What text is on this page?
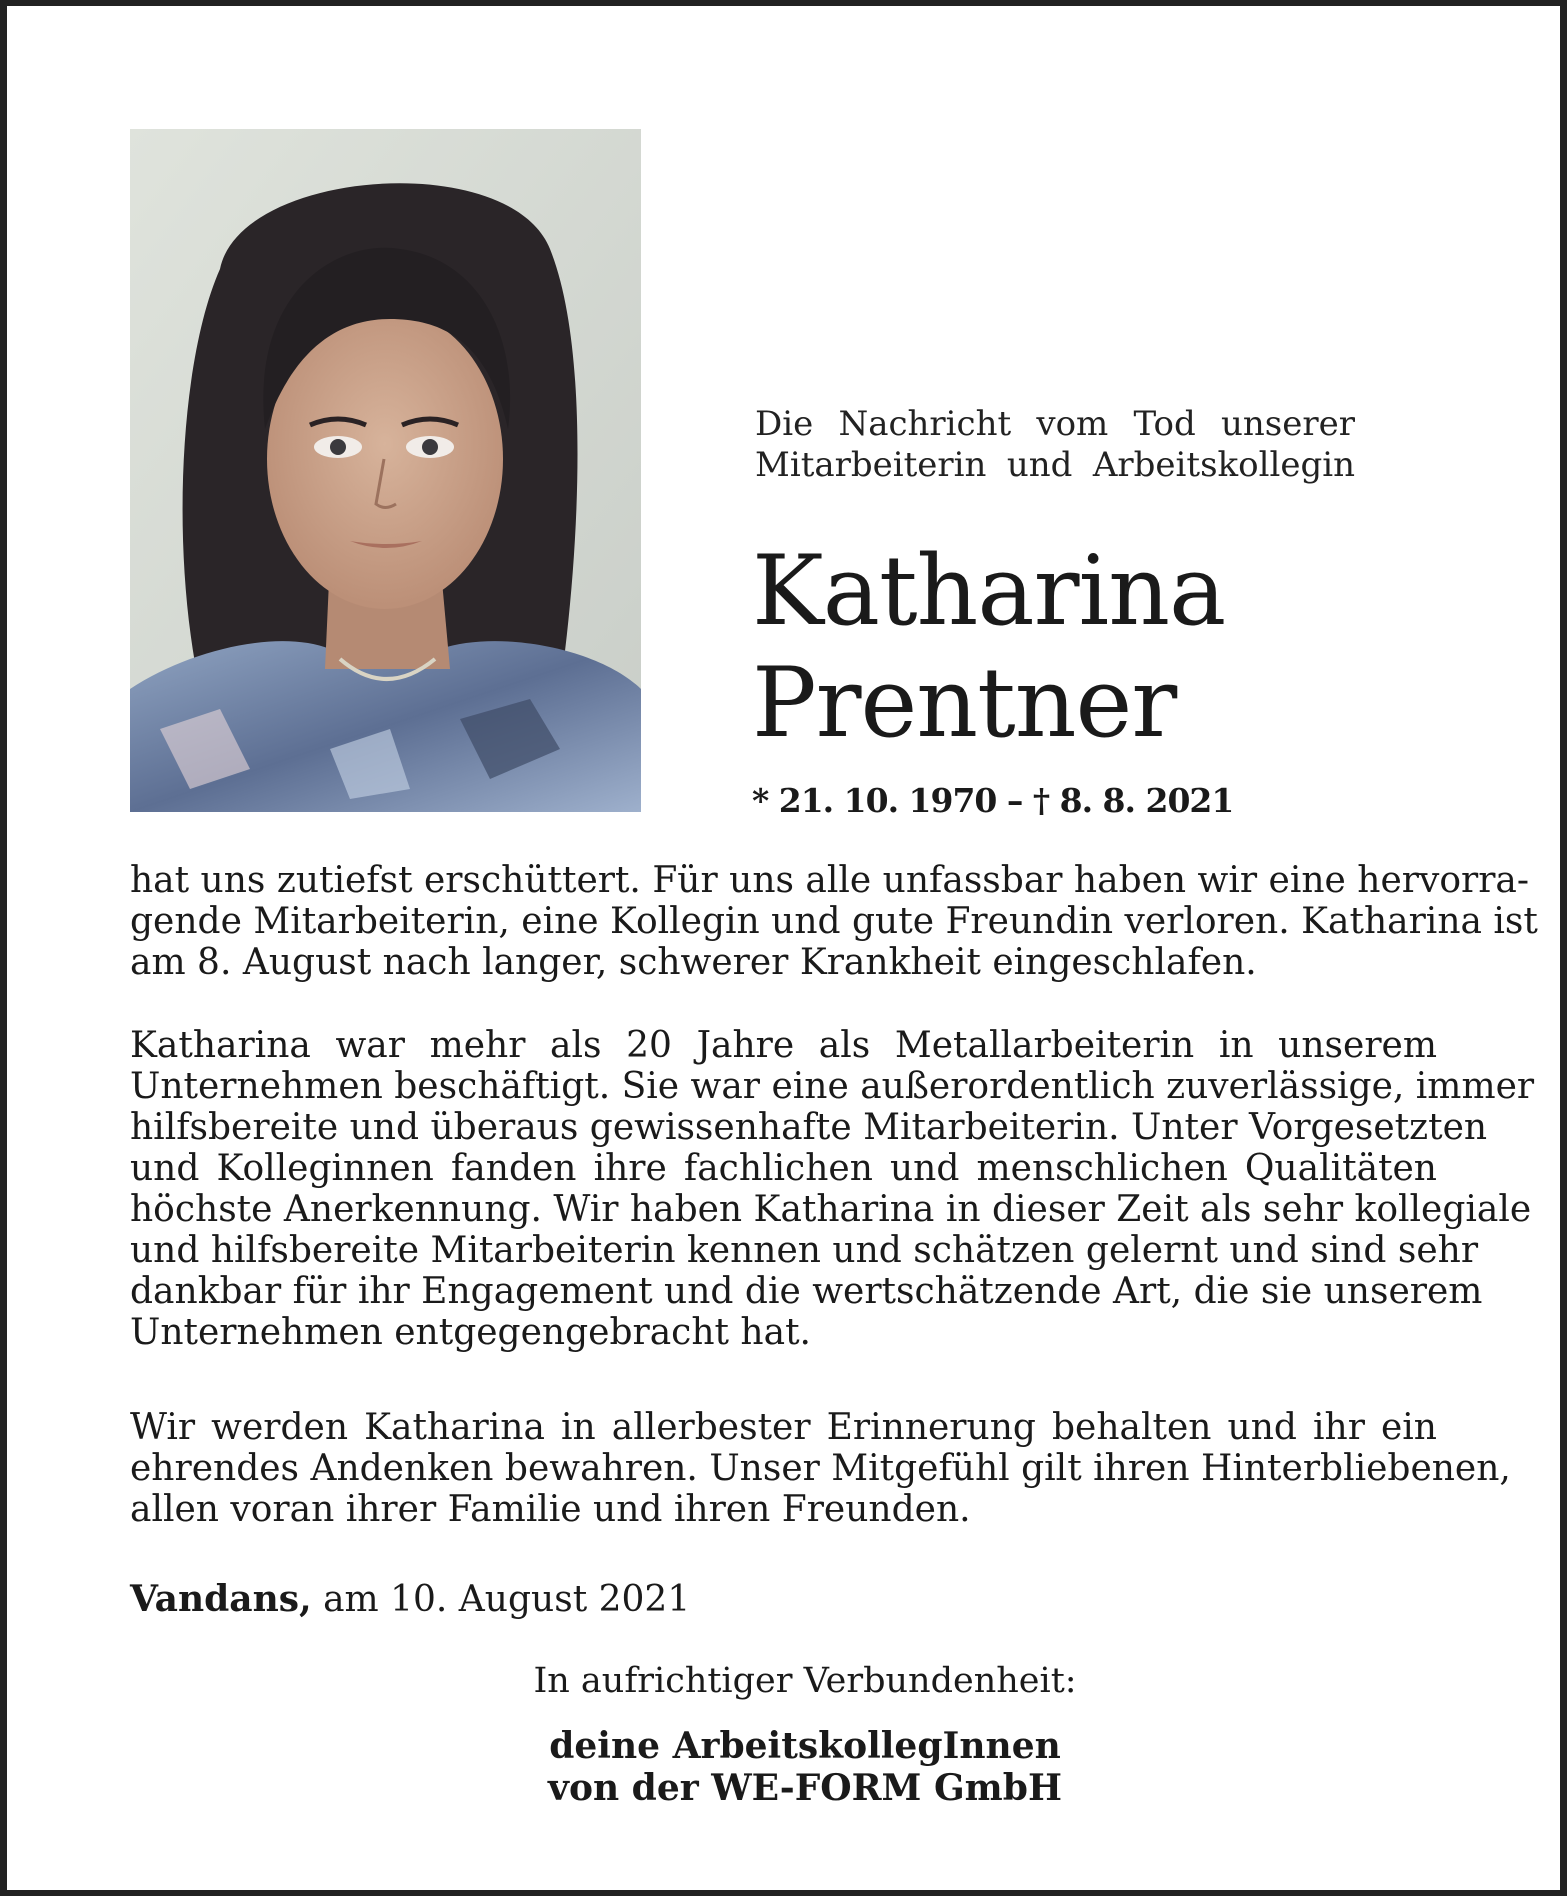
Die Nachricht vom Tod unserer
Mitarbeiterin und Arbeitskollegin
Katharina
Prentner
* 21. 10. 1970 – † 8. 8. 2021
hat uns zutiefst erschüttert. Für uns alle unfassbar haben wir eine hervorra-
gende Mitarbeiterin, eine Kollegin und gute Freundin verloren. Katharina ist
am 8. August nach langer, schwerer Krankheit eingeschlafen.
Katharina war mehr als 20 Jahre als Metallarbeiterin in unserem
Unternehmen beschäftigt. Sie war eine außerordentlich zuverlässige, immer
hilfsbereite und überaus gewissenhafte Mitarbeiterin. Unter Vorgesetzten
und Kolleginnen fanden ihre fachlichen und menschlichen Qualitäten
höchste Anerkennung. Wir haben Katharina in dieser Zeit als sehr kollegiale
und hilfsbereite Mitarbeiterin kennen und schätzen gelernt und sind sehr
dankbar für ihr Engagement und die wertschätzende Art, die sie unserem
Unternehmen entgegengebracht hat.
Wir werden Katharina in allerbester Erinnerung behalten und ihr ein
ehrendes Andenken bewahren. Unser Mitgefühl gilt ihren Hinterbliebenen,
allen voran ihrer Familie und ihren Freunden.
Vandans, am 10. August 2021
In aufrichtiger Verbundenheit:
deine ArbeitskollegInnen
von der WE-FORM GmbH
